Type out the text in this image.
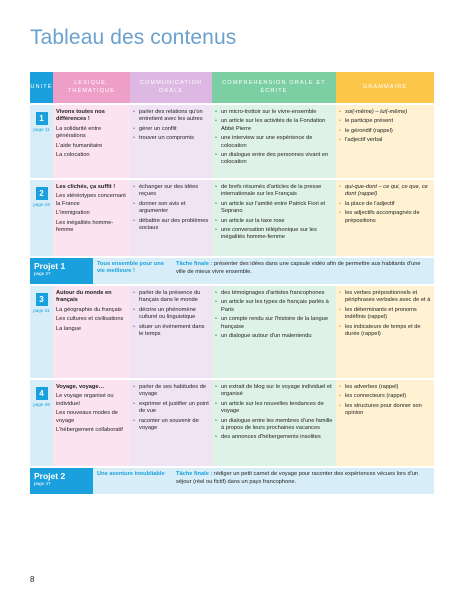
Tableau des contenus
UNITÉ
LEXIQUE, THÉMATIQUE
COMMUNICATION ORALE
COMPRÉHENSION ORALE ET ÉCRITE
GRAMMAIRE
1
page 11
Vivons toutes nos différences !
La solidarité entre générations
L'aide humanitaire
La colocation
• parler des relations qu'on entretient avec les autres
• gérer un conflit
• trouver un compromis
• un micro-trottoir sur le vivre-ensemble
• un article sur les activités de la Fondation Abbé Pierre
• une interview sur une expérience de colocation
• un dialogue entre des personnes vivant en colocation
• soi(-même) – lui(-même)
• le participe présent
• le gérondif (rappel)
• l'adjectif verbal
2
page 19
Les clichés, ça suffit !
Les stéréotypes concernant la France
L'immigration
Les inégalités homme-femme
• échanger sur des idées reçues
• donner son avis et argumenter
• débattre sur des problèmes sociaux
• de brefs résumés d'articles de la presse internationale sur les Français
• un article sur l'amitié entre Patrick Fiori et Soprano
• un article sur la taxe rose
• une conversation téléphonique sur les inégalités homme-femme
• qui-que-dont – ce qui, ce que, ce dont (rappel)
• la place de l'adjectif
• les adjectifs accompagnés de prépositions
Projet 1
page 27
Tous ensemble pour une vie meilleure !
Tâche finale : présenter des idées dans une capsule vidéo afin de permettre aux habitants d'une ville de mieux vivre ensemble.
3
page 31
Autour du monde en français
La géographie du français
Les cultures et civilisations
La langue
• parler de la présence du français dans le monde
• décrire un phénomène culturel ou linguistique
• situer un événement dans le temps
• des témoignages d'artistes francophones
• un article sur les types de français parlés à Paris
• un compte rendu sur l'histoire de la langue française
• un dialogue autour d'un malentendu
• les verbes prépositionnels et périphrases verbales avec de et à
• les déterminants et pronoms indéfinis (rappel)
• les indicateurs de temps et de durée (rappel)
4
page 39
Voyage, voyage…
Le voyage organisé ou individuel
Les nouveaux modes de voyage
L'hébergement collaboratif
• parler de ses habitudes de voyage
• exprimer et justifier un point de vue
• raconter un souvenir de voyage
• un extrait de blog sur le voyage individuel et organisé
• un article sur les nouvelles tendances de voyage
• un dialogue entre les membres d'une famille à propos de leurs prochaines vacances
• des annonces d'hébergements insolites
• les adverbes (rappel)
• les connecteurs (rappel)
• les structures pour donner son opinion
Projet 2
page 47
Une aventure inoubliable	Tâche finale : rédiger un petit carnet de voyage pour raconter des expériences vécues lors d'un séjour (réel ou fictif) dans un pays francophone.
8
